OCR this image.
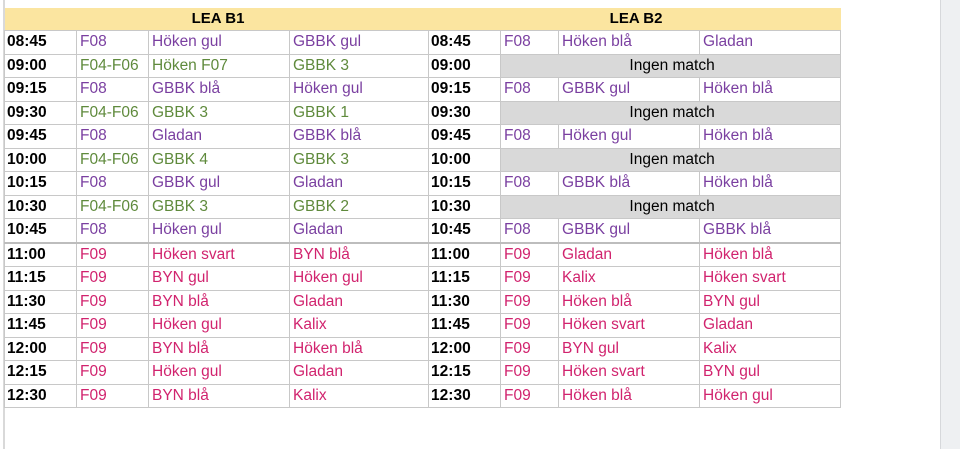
LEA B1				LEA B2			
08:45	F08	Höken gul	GBBK gul	08:45	F08	Höken blå	Gladan
09:00	F04-F06	Höken F07	GBBK 3	09:00	Ingen match		
09:15	F08	GBBK blå	Höken gul	09:15	F08	GBBK gul	Höken blå
09:30	F04-F06	GBBK 3	GBBK 1	09:30	Ingen match		
09:45	F08	Gladan	GBBK blå	09:45	F08	Höken gul	Höken blå
10:00	F04-F06	GBBK 4	GBBK 3	10:00	Ingen match		
10:15	F08	GBBK gul	Gladan	10:15	F08	GBBK blå	Höken blå
10:30	F04-F06	GBBK 3	GBBK 2	10:30	Ingen match		
10:45	F08	Höken gul	Gladan	10:45	F08	GBBK gul	GBBK blå
11:00	F09	Höken svart	BYN blå	11:00	F09	Gladan	Höken blå
11:15	F09	BYN gul	Höken gul	11:15	F09	Kalix	Höken svart
11:30	F09	BYN blå	Gladan	11:30	F09	Höken blå	BYN gul
11:45	F09	Höken gul	Kalix	11:45	F09	Höken svart	Gladan
12:00	F09	BYN blå	Höken blå	12:00	F09	BYN gul	Kalix
12:15	F09	Höken gul	Gladan	12:15	F09	Höken svart	BYN gul
12:30	F09	BYN blå	Kalix	12:30	F09	Höken blå	Höken gul
